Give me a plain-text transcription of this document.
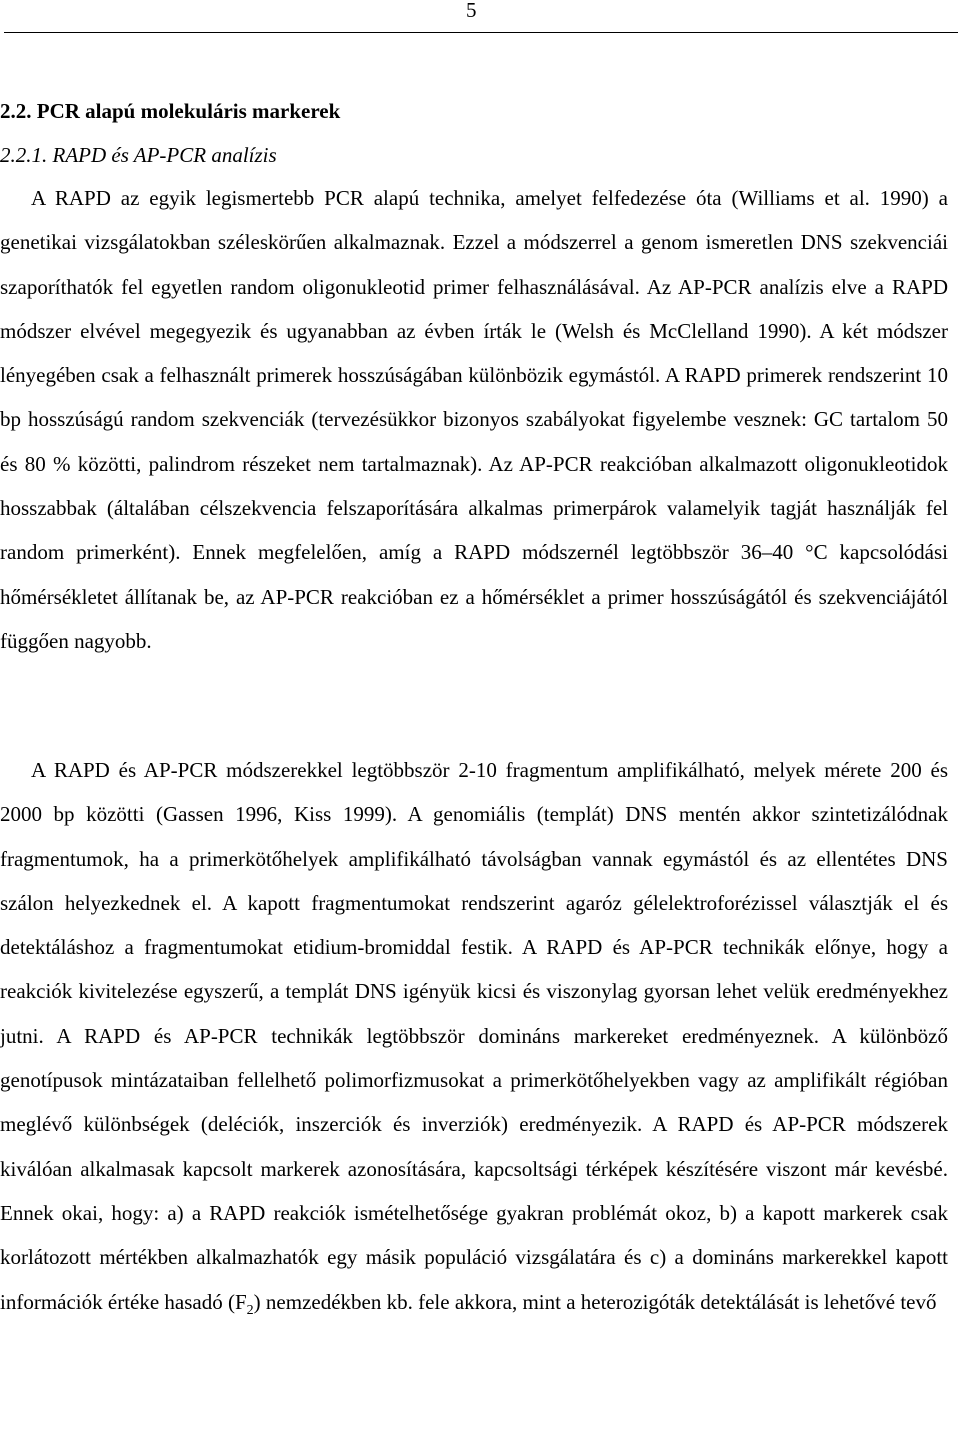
5
2.2. PCR alapú molekuláris markerek
2.2.1. RAPD és AP-PCR analízis

A RAPD az egyik legismertebb PCR alapú technika, amelyet felfedezése óta (Williams et al. 1990) a genetikai vizsgálatokban széleskörűen alkalmaznak. Ezzel a módszerrel a genom ismeretlen DNS szekvenciái szaporíthatók fel egyetlen random oligonukleotid primer felhasználásával. Az AP-PCR analízis elve a RAPD módszer elvével megegyezik és ugyanabban az évben írták le (Welsh és McClelland 1990). A két módszer lényegében csak a felhasznált primerek hosszúságában különbözik egymástól. A RAPD primerek rendszerint 10 bp hosszúságú random szekvenciák (tervezésükkor bizonyos szabályokat figyelembe vesznek: GC tartalom 50 és 80 % közötti, palindrom részeket nem tartalmaznak). Az AP-PCR reakcióban alkalmazott oligonukleotidok hosszabbak (általában célszekvencia felszaporítására alkalmas primerpárok valamelyik tagját használják fel random primerként). Ennek megfelelően, amíg a RAPD módszernél legtöbbször 36–40 °C kapcsolódási hőmérsékletet állítanak be, az AP-PCR reakcióban ez a hőmérséklet a primer hosszúságától és szekvenciájától függően nagyobb.

A RAPD és AP-PCR módszerekkel legtöbbször 2-10 fragmentum amplifikálható, melyek mérete 200 és 2000 bp közötti (Gassen 1996, Kiss 1999). A genomiális (templát) DNS mentén akkor szintetizálódnak fragmentumok, ha a primerkötőhelyek amplifikálható távolságban vannak egymástól és az ellentétes DNS szálon helyezkednek el. A kapott fragmentumokat rendszerint agaróz gélelektroforézissel választják el és detektáláshoz a fragmentumokat etidium-bromiddal festik. A RAPD és AP-PCR technikák előnye, hogy a reakciók kivitelezése egyszerű, a templát DNS igényük kicsi és viszonylag gyorsan lehet velük eredményekhez jutni. A RAPD és AP-PCR technikák legtöbbször domináns markereket eredményeznek. A különböző genotípusok mintázataiban fellelhető polimorfizmusokat a primerkötőhelyekben vagy az amplifikált régióban meglévő különbségek (deléciók, inszerciók és inverziók) eredményezik. A RAPD és AP-PCR módszerek kiválóan alkalmasak kapcsolt markerek azonosítására, kapcsoltsági térképek készítésére viszont már kevésbé. Ennek okai, hogy: a) a RAPD reakciók ismételhetősége gyakran problémát okoz, b) a kapott markerek csak korlátozott mértékben alkalmazhatók egy másik populáció vizsgálatára és c) a domináns markerekkel kapott információk értéke hasadó $(F_2)$ nemzedékben kb. fele akkora, mint a heterozigóták detektálását is lehetővé tevő
